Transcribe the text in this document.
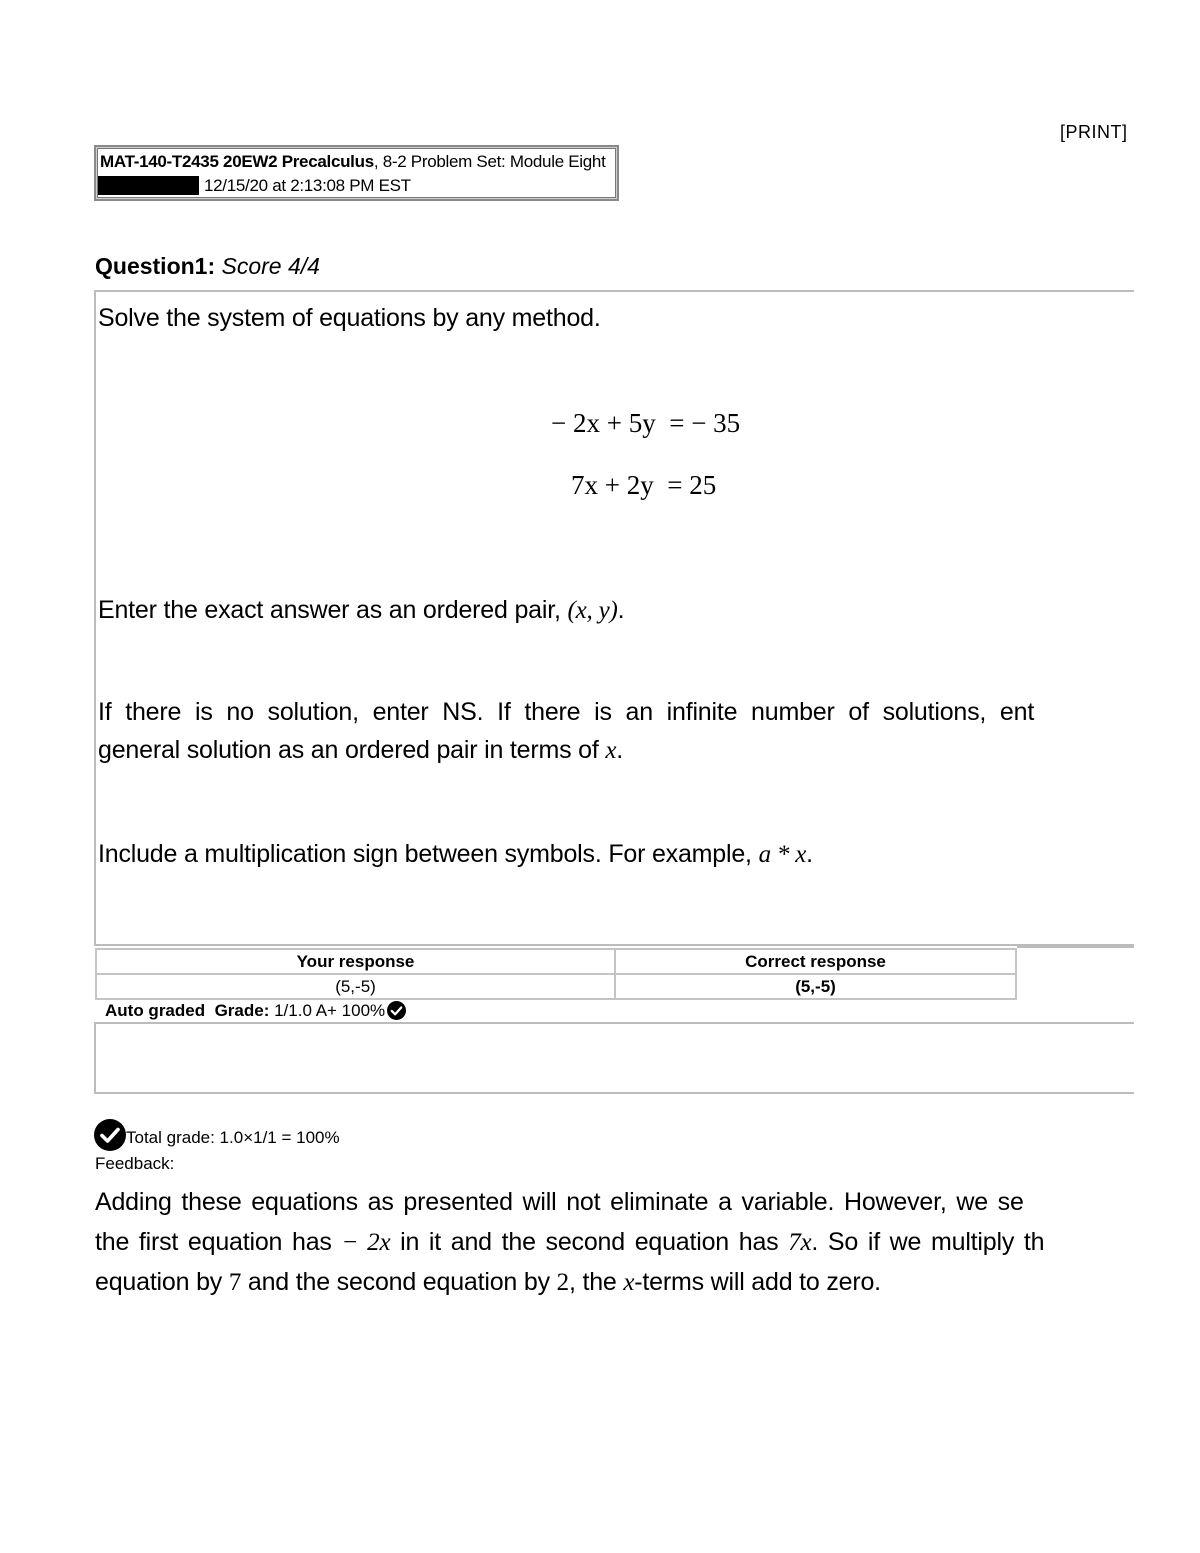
[PRINT]
MAT-140-T2435 20EW2 Precalculus, 8-2 Problem Set: Module Eight
12/15/20 at 2:13:08 PM EST
Question1: Score 4/4
Solve the system of equations by any method.
− 2x + 5y = − 35
7x + 2y = 25
Enter the exact answer as an ordered pair, (x, y).
If there is no solution, enter NS. If there is an infinite number of solutions, ent
general solution as an ordered pair in terms of x.
Include a multiplication sign between symbols. For example, a * x.
Your response	Correct response
(5,-5)	(5,-5)
Auto graded Grade: 1/1.0 A+ 100%
Total grade: 1.0×1/1 = 100%
Feedback:
Adding these equations as presented will not eliminate a variable. However, we se
the first equation has − 2x in it and the second equation has 7x. So if we multiply th
equation by 7 and the second equation by 2, the x-terms will add to zero.
